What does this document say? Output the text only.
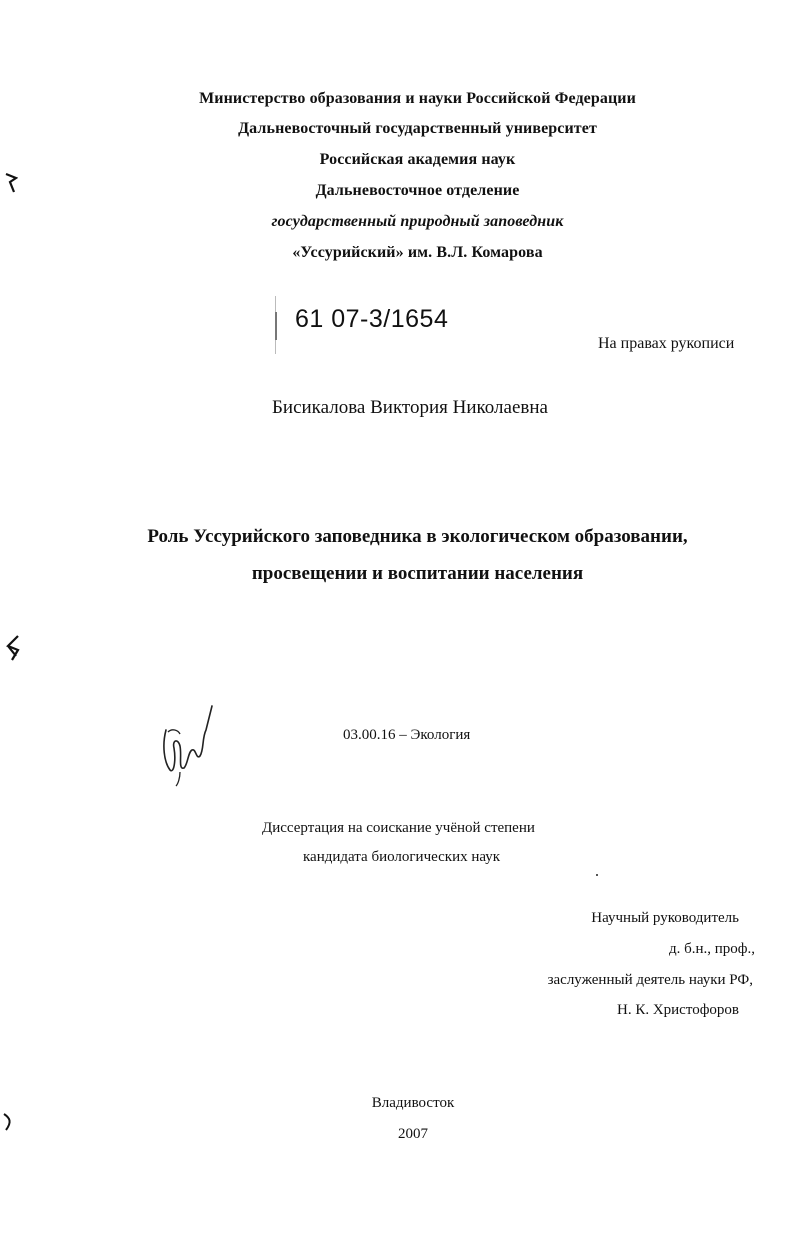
Министерство образования и науки Российской Федерации
Дальневосточный государственный университет
Российская академия наук
Дальневосточное отделение
государственный природный заповедник
«Уссурийский» им. В.Л. Комарова
61 07-3/1654
На правах рукописи
Бисикалова Виктория Николаевна
Роль Уссурийского заповедника в экологическом образовании,
просвещении и воспитании населения
03.00.16 – Экология
Диссертация на соискание учёной степени
кандидата биологических наук
Научный руководитель
д. б.н., проф.,
заслуженный деятель науки РФ,
Н. К. Христофоров
Владивосток
2007
